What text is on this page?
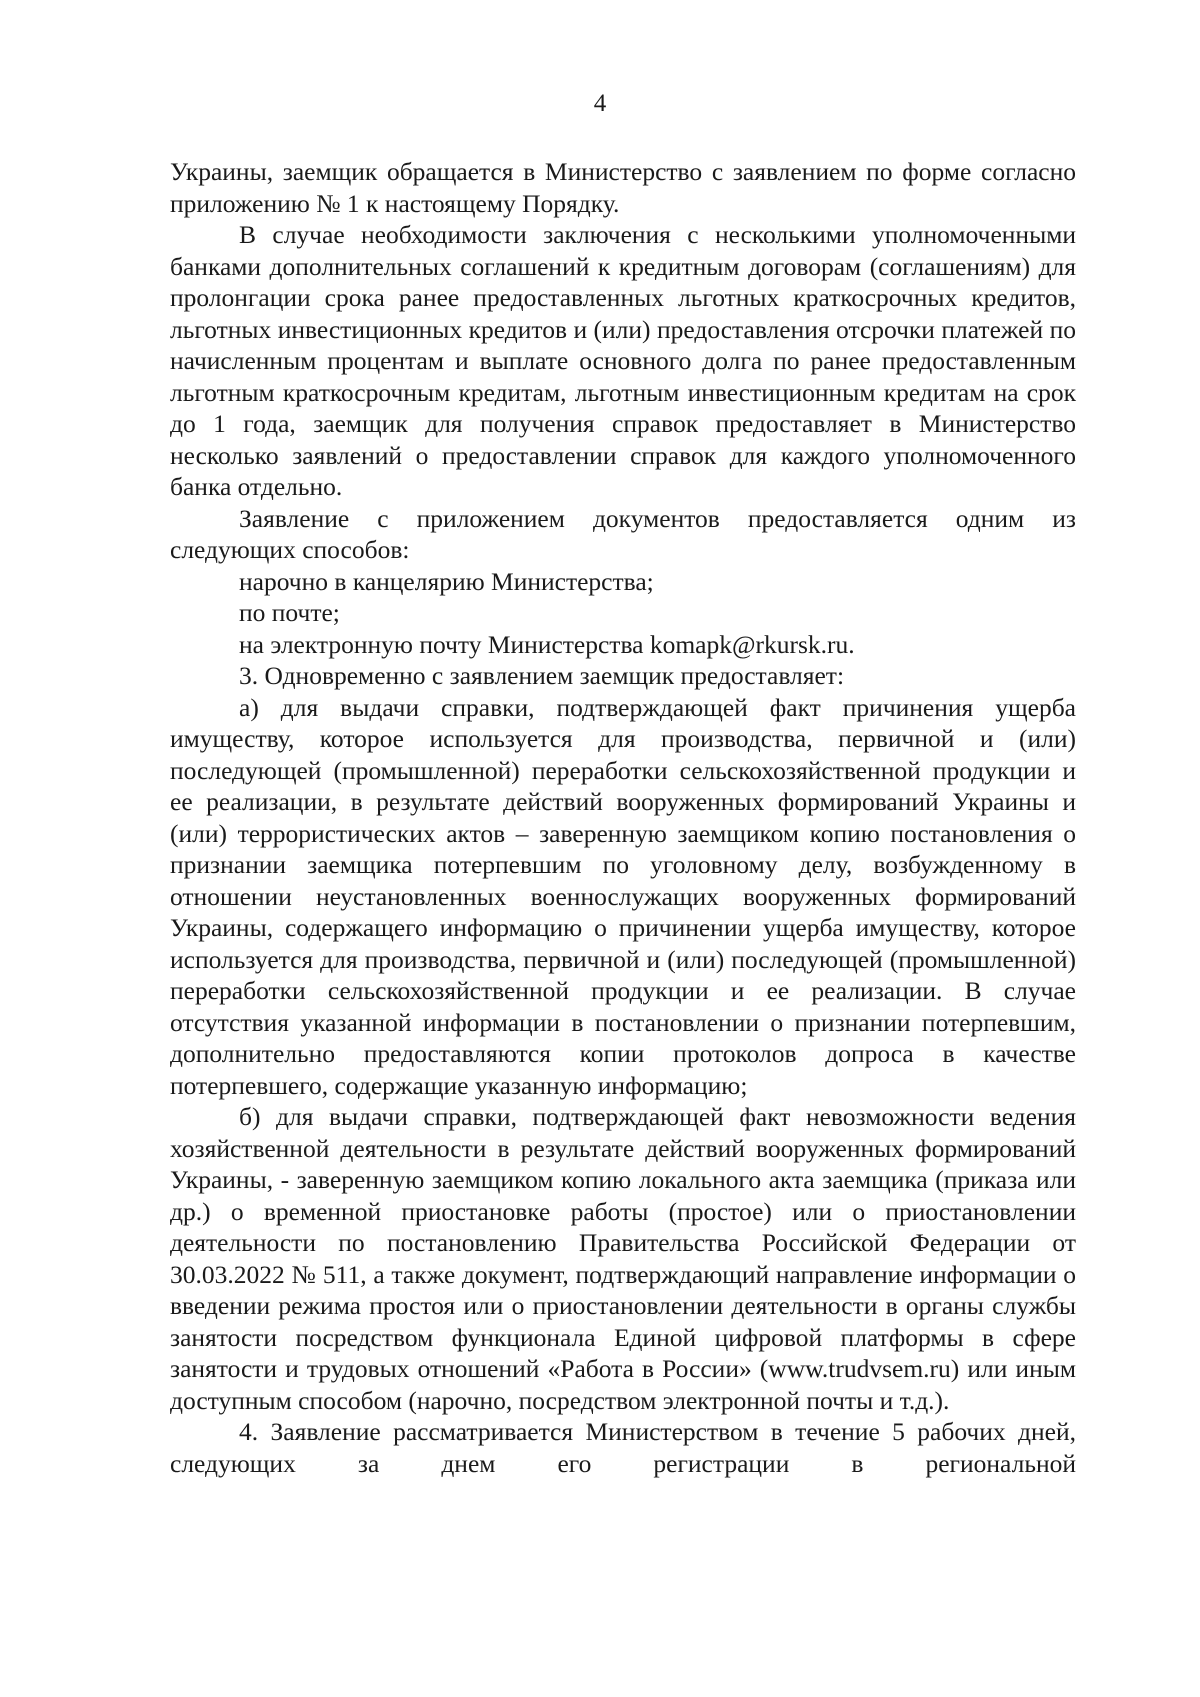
4

Украины, заемщик обращается в Министерство с заявлением по форме согласно приложению № 1 к настоящему Порядку.

В случае необходимости заключения с несколькими уполномоченными банками дополнительных соглашений к кредитным договорам (соглашениям) для пролонгации срока ранее предоставленных льготных краткосрочных кредитов, льготных инвестиционных кредитов и (или) предоставления отсрочки платежей по начисленным процентам и выплате основного долга по ранее предоставленным льготным краткосрочным кредитам, льготным инвестиционным кредитам на срок до 1 года, заемщик для получения справок предоставляет в Министерство несколько заявлений о предоставлении справок для каждого уполномоченного банка отдельно.

Заявление с приложением документов предоставляется одним из следующих способов:

нарочно в канцелярию Министерства;

по почте;

на электронную почту Министерства komapk@rkursk.ru.

3. Одновременно с заявлением заемщик предоставляет:

а) для выдачи справки, подтверждающей факт причинения ущерба имуществу, которое используется для производства, первичной и (или) последующей (промышленной) переработки сельскохозяйственной продукции и ее реализации, в результате действий вооруженных формирований Украины и (или) террористических актов – заверенную заемщиком копию постановления о признании заемщика потерпевшим по уголовному делу, возбужденному в отношении неустановленных военнослужащих вооруженных формирований Украины, содержащего информацию о причинении ущерба имуществу, которое используется для производства, первичной и (или) последующей (промышленной) переработки сельскохозяйственной продукции и ее реализации. В случае отсутствия указанной информации в постановлении о признании потерпевшим, дополнительно предоставляются копии протоколов допроса в качестве потерпевшего, содержащие указанную информацию;

б) для выдачи справки, подтверждающей факт невозможности ведения хозяйственной деятельности в результате действий вооруженных формирований Украины, - заверенную заемщиком копию локального акта заемщика (приказа или др.) о временной приостановке работы (простое) или о приостановлении деятельности по постановлению Правительства Российской Федерации от 30.03.2022 № 511, а также документ, подтверждающий направление информации о введении режима простоя или о приостановлении деятельности в органы службы занятости посредством функционала Единой цифровой платформы в сфере занятости и трудовых отношений «Работа в России» (www.trudvsem.ru) или иным доступным способом (нарочно, посредством электронной почты и т.д.).

4. Заявление рассматривается Министерством в течение 5 рабочих дней, следующих за днем его регистрации в региональной
